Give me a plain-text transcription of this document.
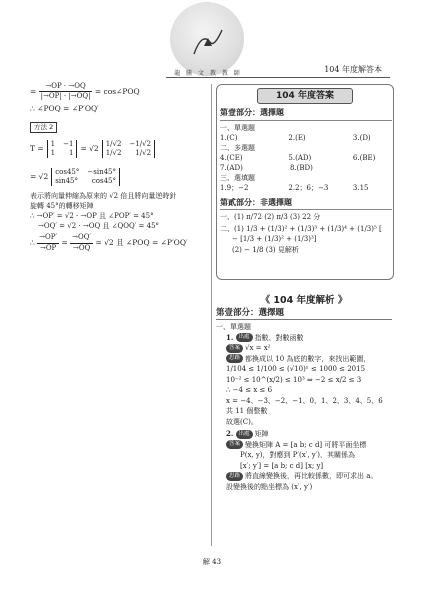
龍 騰 文 教 教 師	104 年度解答本
= $\frac{\to OP \cdot \to OQ}{|\to OP| \cdot |\to OQ|}$ = cos∠POQ
∴ ∠POQ = ∠P′OQ′
方法 2
T = 1 −1
1 1
= √2 1/√2 −1/√2
1/√2 1/√2
= √2 cos45° −sin45°
sin45° cos45°
表示將向量伸縮為原來的 √2 倍且將向量逆時針
旋轉 45°的轉移矩陣
∴ →OP′ = √2 · →OP 且 ∠POP′ = 45°
→OQ′ = √2 · →OQ 且 ∠QOQ′ = 45°
∴ $\frac{\to OP'}{\to OP} = \frac{\to OQ'}{\to OQ} = √2$ 且 ∠POQ = ∠P′OQ′
104 年度答案
第壹部分：選擇題
一、單選題
1.(C)	2.(E)	3.(D)
二、多選題
4.(CE)	5.(AD)	6.(BE)
7.(AD)	8.(BD)
三、選填題
1.9；−2	2.2；6；−3	3.15
第貳部分：非選擇題
一、(1) π/72 (2) π/3 (3) 22 分
二、(1) 1/3 + (1/3)² + (1/3)³ + (1/3)⁴ + (1/3)⁵ [
− [1/3 + (1/3)² + (1/3)³]
(2) − 1/8 (3) 見解析
《 104 年度解析 》
第壹部分：選擇題
一、單選題
1. 出處 指數、對數函數
答案 √x = x²
思路 都換成以 10 為底的數字，來找出範圍，
1/104 ≤ 1/100 ≤ (√10)ˣ ≤ 1000 ≤ 2015
10⁻² ≤ 10^(x/2) ≤ 10³ ⇒ −2 ≤ x/2 ≤ 3
∴ −4 ≤ x ≤ 6
x = −4、−3、−2、−1、0、1、2、3、4、5、6
共 11 個整數
故選(C)。
2. 出處 矩陣
答案 變換矩陣 A = [a b; c d] 可將平面坐標
P(x, y)，對應到 P′(x′, y′)，其關係為
[x′; y′] = [a b; c d] [x; y]
思路 將直線變換後，再比較係數，即可求出 a。
設變換後的點坐標為 (x′, y′)
解 43
